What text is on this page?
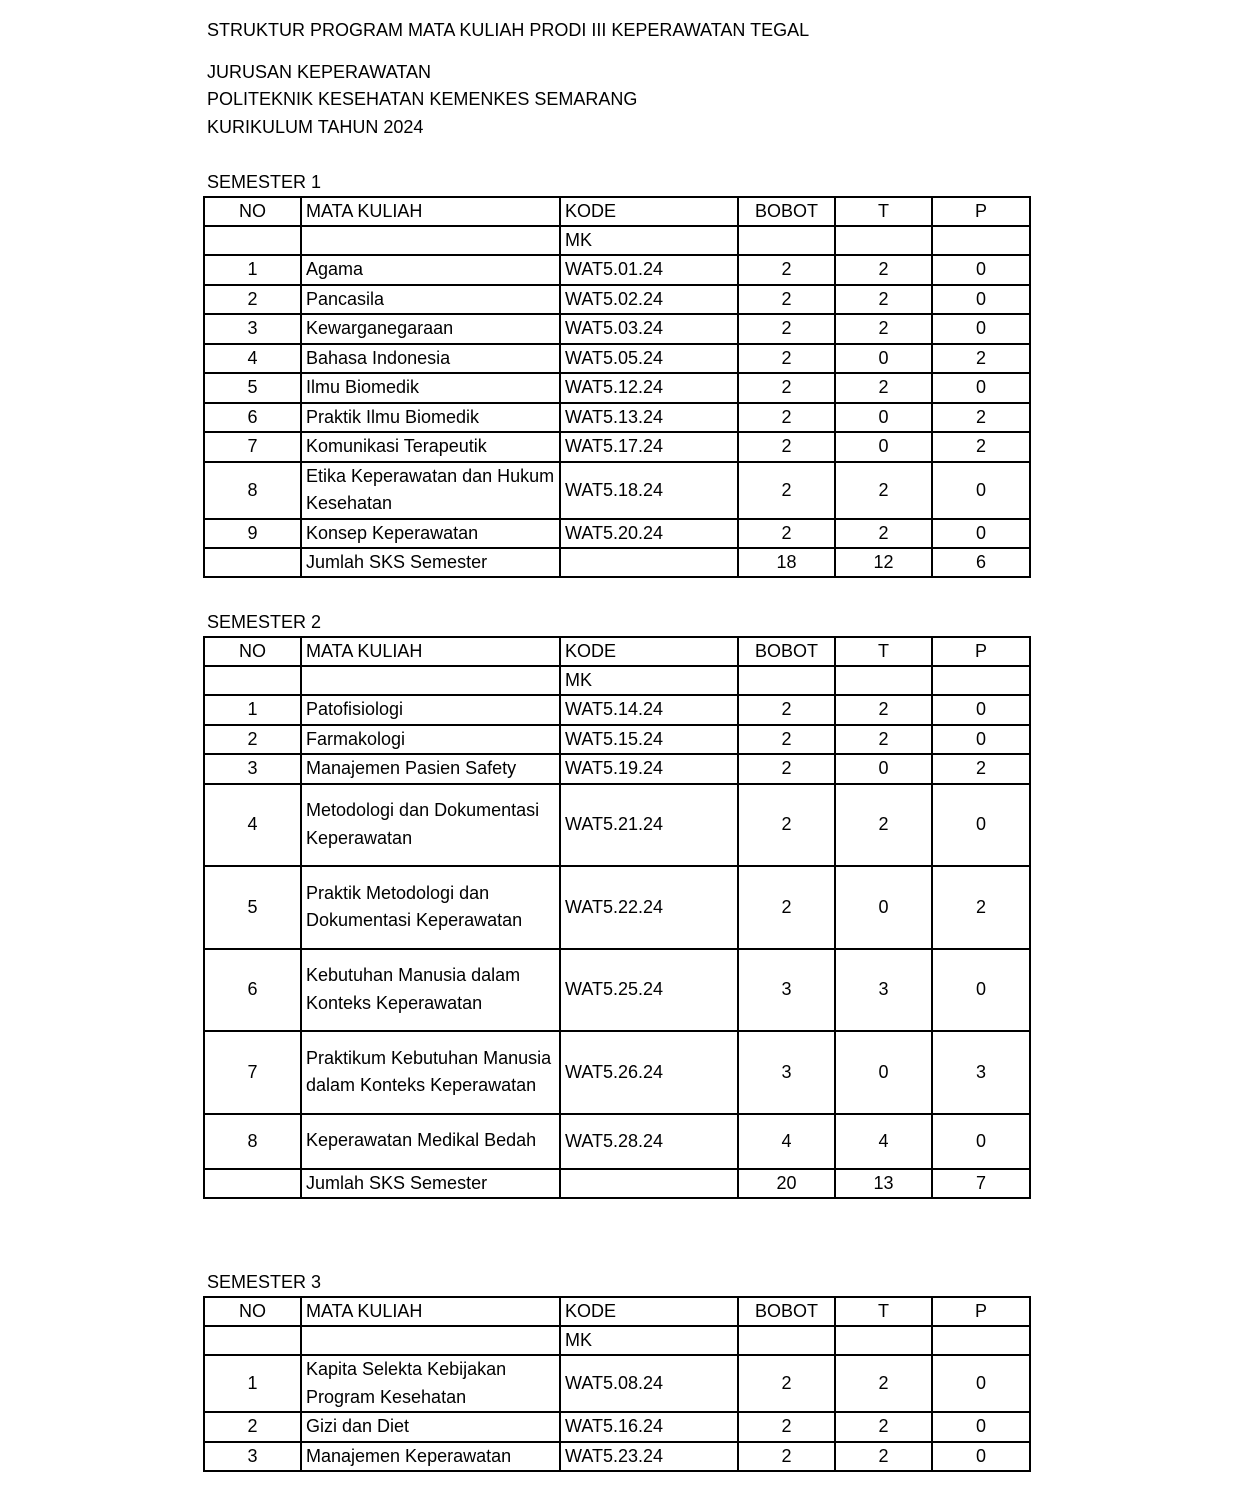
STRUKTUR PROGRAM MATA KULIAH PRODI III KEPERAWATAN TEGAL
JURUSAN KEPERAWATAN
POLITEKNIK KESEHATAN KEMENKES SEMARANG
KURIKULUM TAHUN 2024
SEMESTER 1
NO	MATA KULIAH	KODE	BOBOT	T	P
		MK			
1	Agama	WAT5.01.24	2	2	0
2	Pancasila	WAT5.02.24	2	2	0
3	Kewarganegaraan	WAT5.03.24	2	2	0
4	Bahasa Indonesia	WAT5.05.24	2	0	2
5	Ilmu Biomedik	WAT5.12.24	2	2	0
6	Praktik Ilmu Biomedik	WAT5.13.24	2	0	2
7	Komunikasi Terapeutik	WAT5.17.24	2	0	2
8	Etika Keperawatan dan Hukum Kesehatan	WAT5.18.24	2	2	0
9	Konsep Keperawatan	WAT5.20.24	2	2	0
	Jumlah SKS Semester		18	12	6
SEMESTER 2
NO	MATA KULIAH	KODE	BOBOT	T	P
		MK			
1	Patofisiologi	WAT5.14.24	2	2	0
2	Farmakologi	WAT5.15.24	2	2	0
3	Manajemen Pasien Safety	WAT5.19.24	2	0	2
4	Metodologi dan Dokumentasi Keperawatan	WAT5.21.24	2	2	0
5	Praktik Metodologi dan Dokumentasi Keperawatan	WAT5.22.24	2	0	2
6	Kebutuhan Manusia dalam Konteks Keperawatan	WAT5.25.24	3	3	0
7	Praktikum Kebutuhan Manusia dalam Konteks Keperawatan	WAT5.26.24	3	0	3
8	Keperawatan Medikal Bedah	WAT5.28.24	4	4	0
	Jumlah SKS Semester		20	13	7
SEMESTER 3
NO	MATA KULIAH	KODE	BOBOT	T	P
		MK			
1	Kapita Selekta Kebijakan Program Kesehatan	WAT5.08.24	2	2	0
2	Gizi dan Diet	WAT5.16.24	2	2	0
3	Manajemen Keperawatan	WAT5.23.24	2	2	0
